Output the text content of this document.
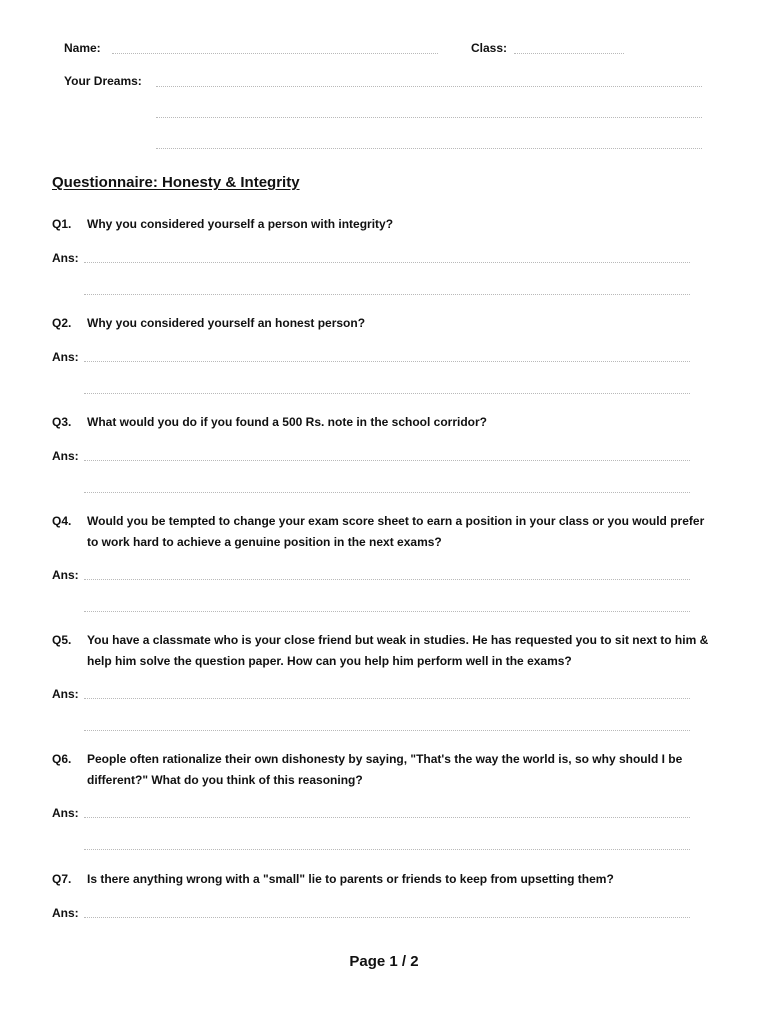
Name:	Class:
Your Dreams:
Questionnaire: Honesty & Integrity
Q1. Why you considered yourself a person with integrity?
Ans:
Q2. Why you considered yourself an honest person?
Ans:
Q3. What would you do if you found a 500 Rs. note in the school corridor?
Ans:
Q4. Would you be tempted to change your exam score sheet to earn a position in your class or you would prefer to work hard to achieve a genuine position in the next exams?
Ans:
Q5. You have a classmate who is your close friend but weak in studies. He has requested you to sit next to him & help him solve the question paper. How can you help him perform well in the exams?
Ans:
Q6. People often rationalize their own dishonesty by saying, "That's the way the world is, so why should I be different?" What do you think of this reasoning?
Ans:
Q7. Is there anything wrong with a "small" lie to parents or friends to keep from upsetting them?
Ans:
Page 1 / 2
